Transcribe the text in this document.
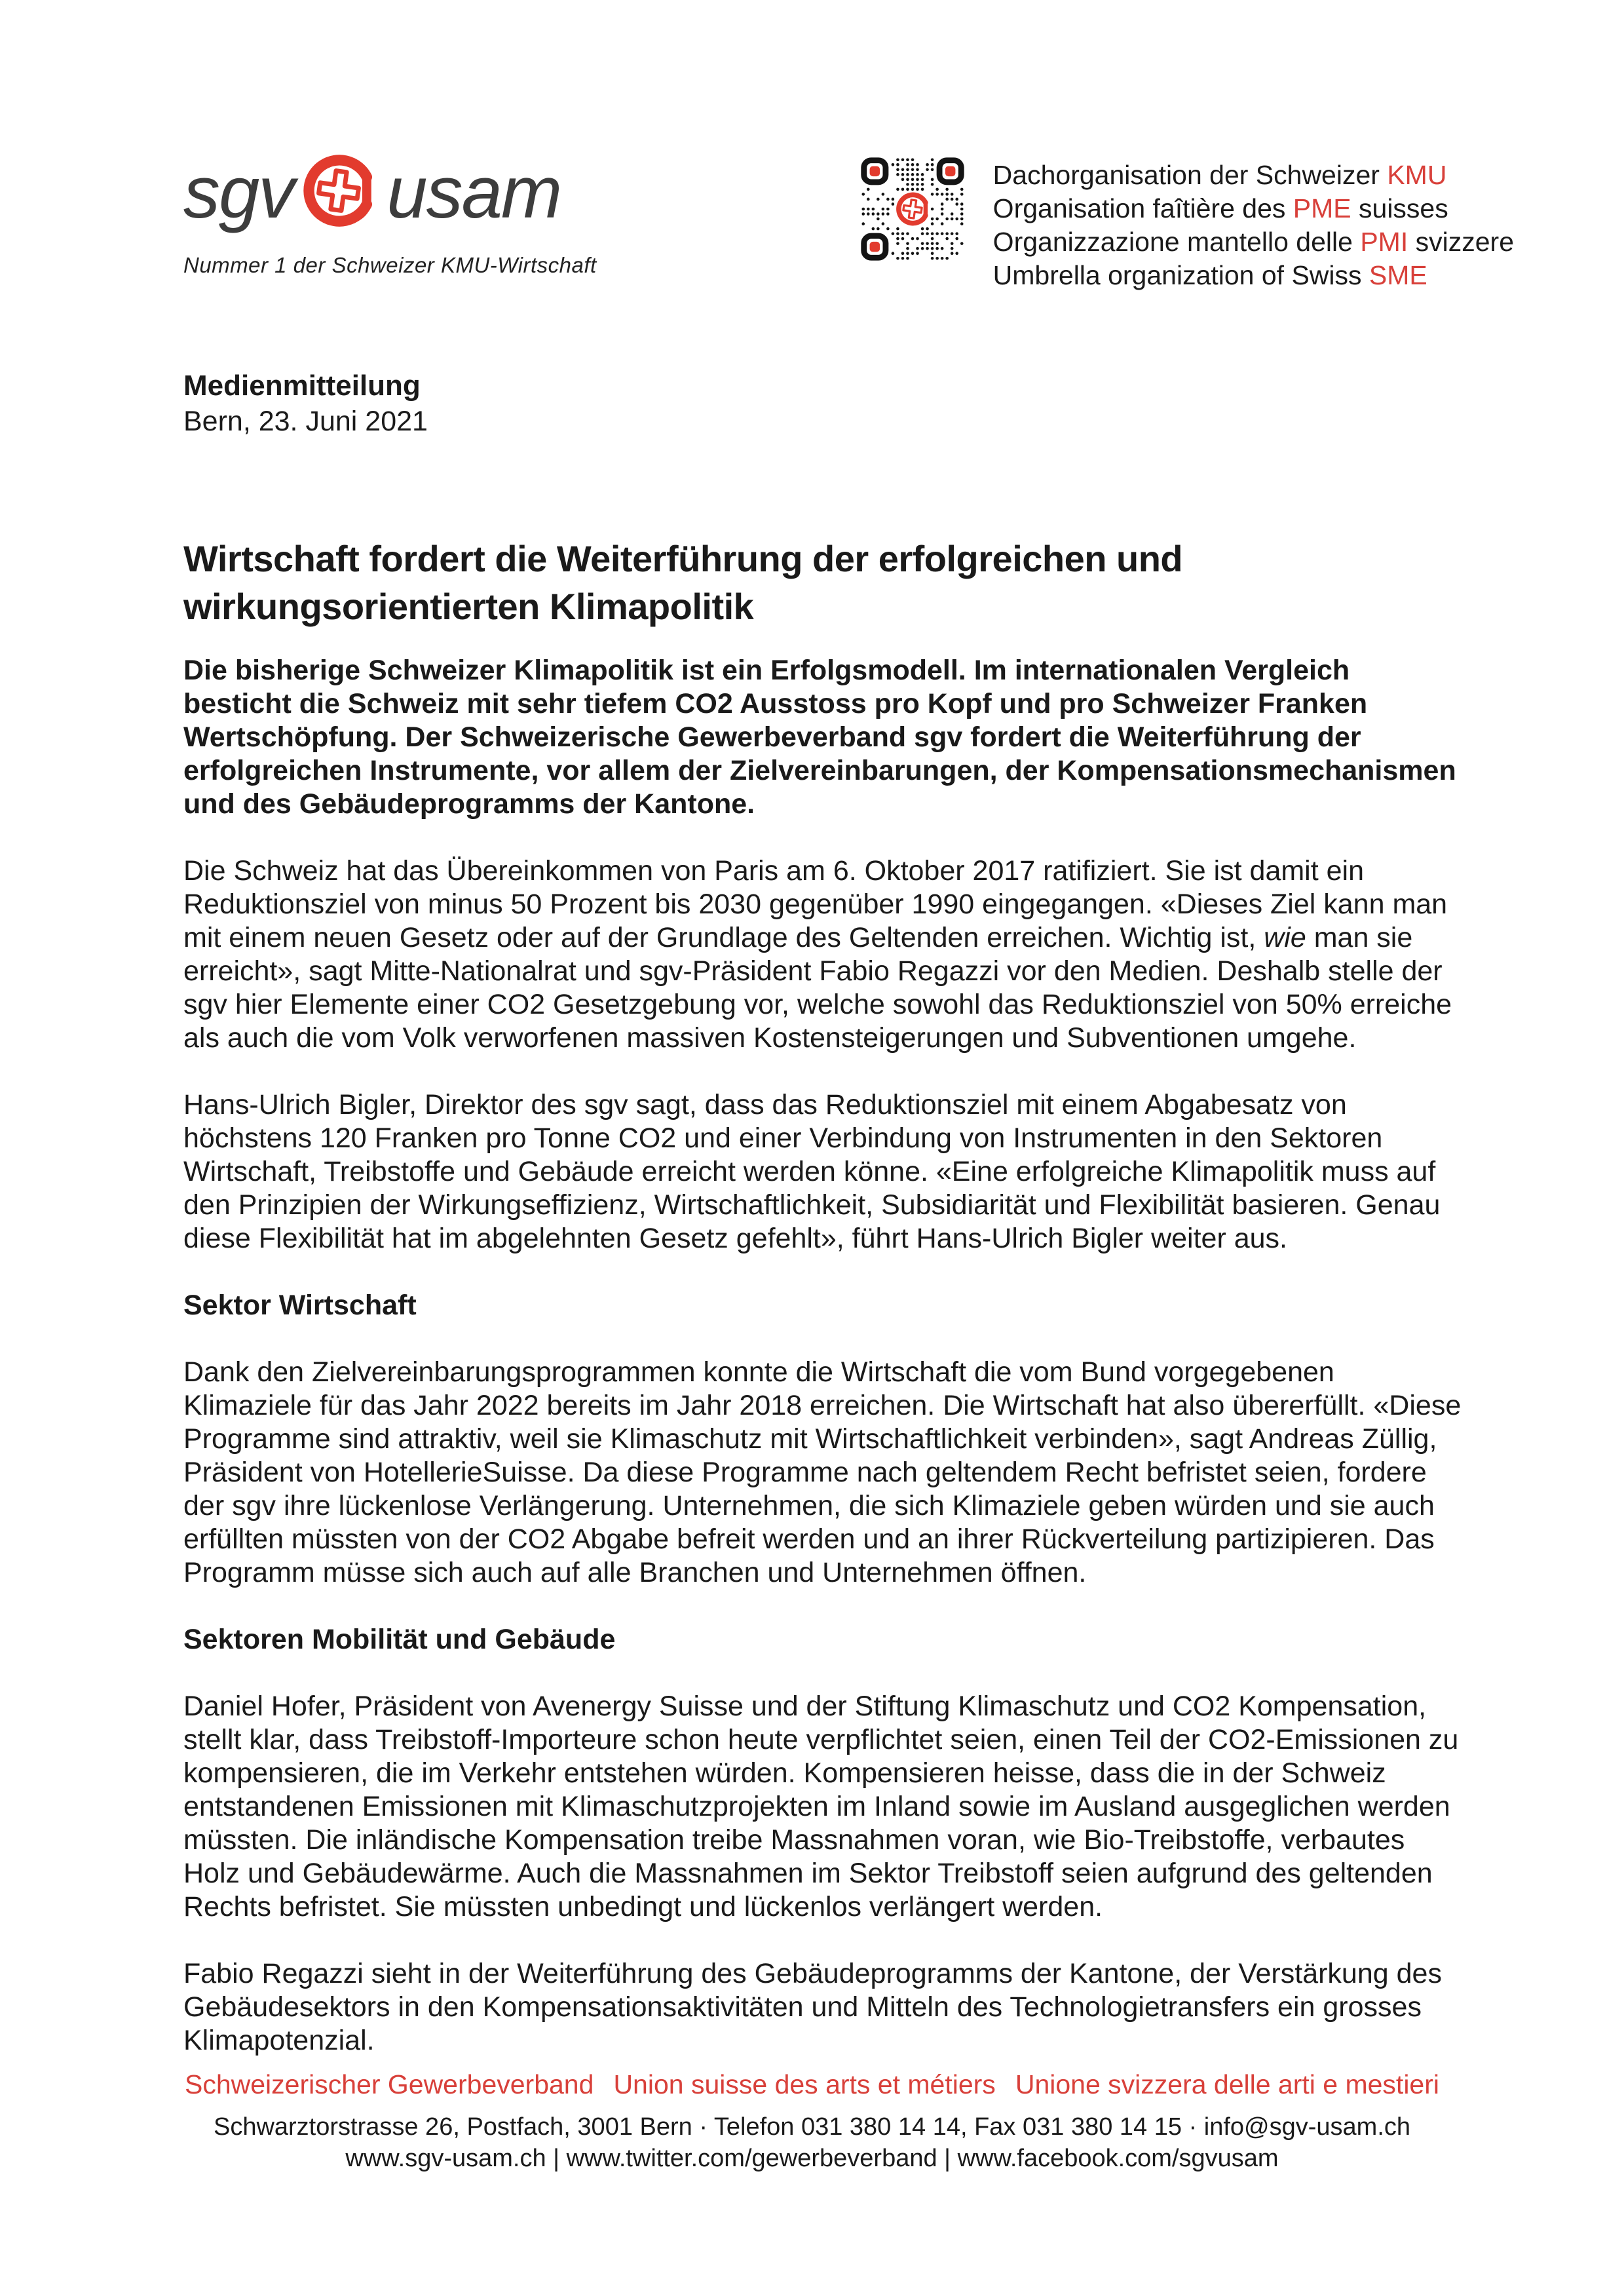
sgv usam
Nummer 1 der Schweizer KMU-Wirtschaft
Dachorganisation der Schweizer KMU
Organisation faîtière des PME suisses
Organizzazione mantello delle PMI svizzere
Umbrella organization of Swiss SME
Medienmitteilung
Bern, 23. Juni 2021
Wirtschaft fordert die Weiterführung der erfolgreichen und wirkungsorientierten Klimapolitik

Die bisherige Schweizer Klimapolitik ist ein Erfolgsmodell. Im internationalen Vergleich besticht die Schweiz mit sehr tiefem CO2 Ausstoss pro Kopf und pro Schweizer Franken Wertschöpfung. Der Schweizerische Gewerbeverband sgv fordert die Weiterführung der erfolgreichen Instrumente, vor allem der Zielvereinbarungen, der Kompensationsmechanismen und des Gebäudeprogramms der Kantone.

Die Schweiz hat das Übereinkommen von Paris am 6. Oktober 2017 ratifiziert. Sie ist damit ein Reduktionsziel von minus 50 Prozent bis 2030 gegenüber 1990 eingegangen. «Dieses Ziel kann man mit einem neuen Gesetz oder auf der Grundlage des Geltenden erreichen. Wichtig ist, wie man sie erreicht», sagt Mitte-Nationalrat und sgv-Präsident Fabio Regazzi vor den Medien. Deshalb stelle der sgv hier Elemente einer CO2 Gesetzgebung vor, welche sowohl das Reduktionsziel von 50% erreiche als auch die vom Volk verworfenen massiven Kostensteigerungen und Subventionen umgehe.

Hans-Ulrich Bigler, Direktor des sgv sagt, dass das Reduktionsziel mit einem Abgabesatz von höchstens 120 Franken pro Tonne CO2 und einer Verbindung von Instrumenten in den Sektoren Wirtschaft, Treibstoffe und Gebäude erreicht werden könne. «Eine erfolgreiche Klimapolitik muss auf den Prinzipien der Wirkungseffizienz, Wirtschaftlichkeit, Subsidiarität und Flexibilität basieren. Genau diese Flexibilität hat im abgelehnten Gesetz gefehlt», führt Hans-Ulrich Bigler weiter aus.

Sektor Wirtschaft

Dank den Zielvereinbarungsprogrammen konnte die Wirtschaft die vom Bund vorgegebenen Klimaziele für das Jahr 2022 bereits im Jahr 2018 erreichen. Die Wirtschaft hat also übererfüllt. «Diese Programme sind attraktiv, weil sie Klimaschutz mit Wirtschaftlichkeit verbinden», sagt Andreas Züllig, Präsident von HotellerieSuisse. Da diese Programme nach geltendem Recht befristet seien, fordere der sgv ihre lückenlose Verlängerung. Unternehmen, die sich Klimaziele geben würden und sie auch erfüllten müssten von der CO2 Abgabe befreit werden und an ihrer Rückverteilung partizipieren. Das Programm müsse sich auch auf alle Branchen und Unternehmen öffnen.

Sektoren Mobilität und Gebäude

Daniel Hofer, Präsident von Avenergy Suisse und der Stiftung Klimaschutz und CO2 Kompensation, stellt klar, dass Treibstoff-Importeure schon heute verpflichtet seien, einen Teil der CO2-Emissionen zu kompensieren, die im Verkehr entstehen würden. Kompensieren heisse, dass die in der Schweiz entstandenen Emissionen mit Klimaschutzprojekten im Inland sowie im Ausland ausgeglichen werden müssten. Die inländische Kompensation treibe Massnahmen voran, wie Bio-Treibstoffe, verbautes Holz und Gebäudewärme. Auch die Massnahmen im Sektor Treibstoff seien aufgrund des geltenden Rechts befristet. Sie müssten unbedingt und lückenlos verlängert werden.

Fabio Regazzi sieht in der Weiterführung des Gebäudeprogramms der Kantone, der Verstärkung des Gebäudesektors in den Kompensationsaktivitäten und Mitteln des Technologietransfers ein grosses Klimapotenzial.

Schweizerischer Gewerbeverband Union suisse des arts et métiers Unione svizzera delle arti e mestieri
Schwarztorstrasse 26, Postfach, 3001 Bern · Telefon 031 380 14 14, Fax 031 380 14 15 · info@sgv-usam.ch
www.sgv-usam.ch | www.twitter.com/gewerbeverband | www.facebook.com/sgvusam
